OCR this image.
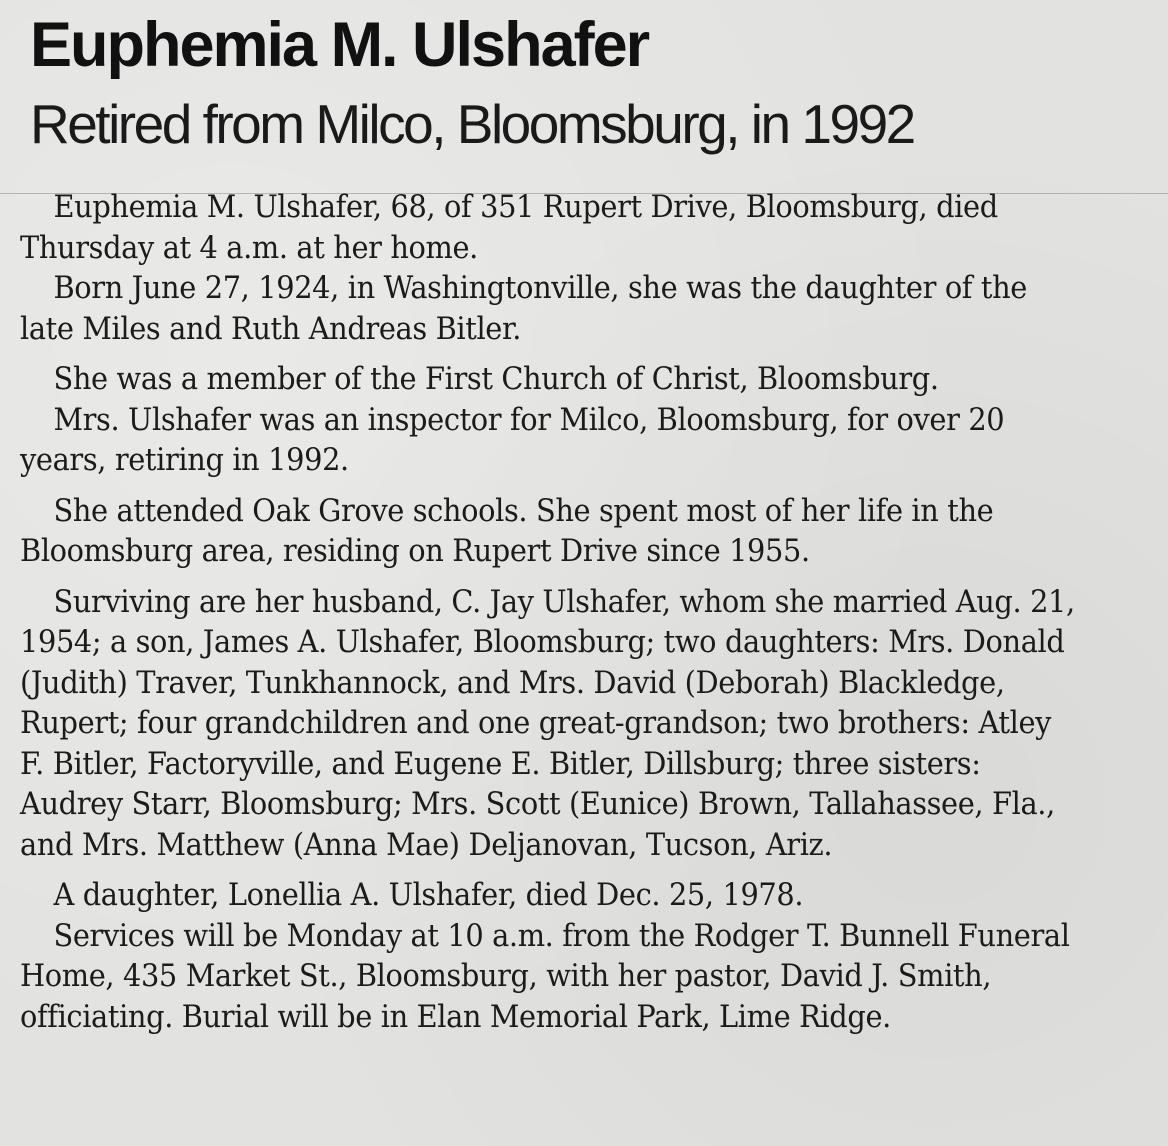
Euphemia M. Ulshafer
Retired from Milco, Bloomsburg, in 1992

Euphemia M. Ulshafer, 68, of 351 Rupert Drive, Bloomsburg, died Thursday at 4 a.m. at her home.

Born June 27, 1924, in Washingtonville, she was the daughter of the late Miles and Ruth Andreas Bitler.

She was a member of the First Church of Christ, Bloomsburg.

Mrs. Ulshafer was an inspector for Milco, Bloomsburg, for over 20 years, retiring in 1992.

She attended Oak Grove schools. She spent most of her life in the Bloomsburg area, residing on Rupert Drive since 1955.

Surviving are her husband, C. Jay Ulshafer, whom she married Aug. 21, 1954; a son, James A. Ulshafer, Bloomsburg; two daughters: Mrs. Donald (Judith) Traver, Tunkhannock, and Mrs. David (Deborah) Blackledge, Rupert; four grandchildren and one great-grandson; two brothers: Atley F. Bitler, Factoryville, and Eugene E. Bitler, Dillsburg; three sisters: Audrey Starr, Bloomsburg; Mrs. Scott (Eunice) Brown, Tallahassee, Fla., and Mrs. Matthew (Anna Mae) Deljanovan, Tucson, Ariz.

A daughter, Lonellia A. Ulshafer, died Dec. 25, 1978.

Services will be Monday at 10 a.m. from the Rodger T. Bunnell Funeral Home, 435 Market St., Bloomsburg, with her pastor, David J. Smith, officiating. Burial will be in Elan Memorial Park, Lime Ridge.
